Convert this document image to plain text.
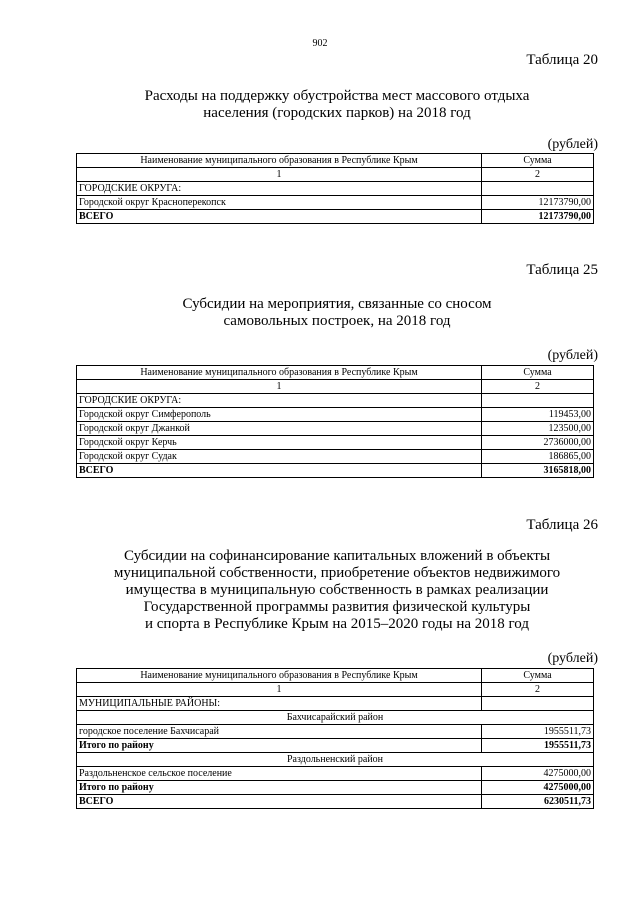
902
Таблица 20
Расходы на поддержку обустройства мест массового отдыха
населения (городских парков) на 2018 год
(рублей)
Наименование муниципального образования в Республике Крым	Сумма
1	2
ГОРОДСКИЕ ОКРУГА:	
Городской округ Красноперекопск	12173790,00
ВСЕГО	12173790,00
Таблица 25
Субсидии на мероприятия, связанные со сносом
самовольных построек, на 2018 год
(рублей)
Наименование муниципального образования в Республике Крым	Сумма
1	2
ГОРОДСКИЕ ОКРУГА:	
Городской округ Симферополь	119453,00
Городской округ Джанкой	123500,00
Городской округ Керчь	2736000,00
Городской округ Судак	186865,00
ВСЕГО	3165818,00
Таблица 26
Субсидии на софинансирование капитальных вложений в объекты
муниципальной собственности, приобретение объектов недвижимого
имущества в муниципальную собственность в рамках реализации
Государственной программы развития физической культуры
и спорта в Республике Крым на 2015–2020 годы на 2018 год
(рублей)
Наименование муниципального образования в Республике Крым	Сумма
1	2
МУНИЦИПАЛЬНЫЕ РАЙОНЫ:	
Бахчисарайский район	
городское поселение Бахчисарай	1955511,73
Итого по району	1955511,73
Раздольненский район	
Раздольненское сельское поселение	4275000,00
Итого по району	4275000,00
ВСЕГО	6230511,73
